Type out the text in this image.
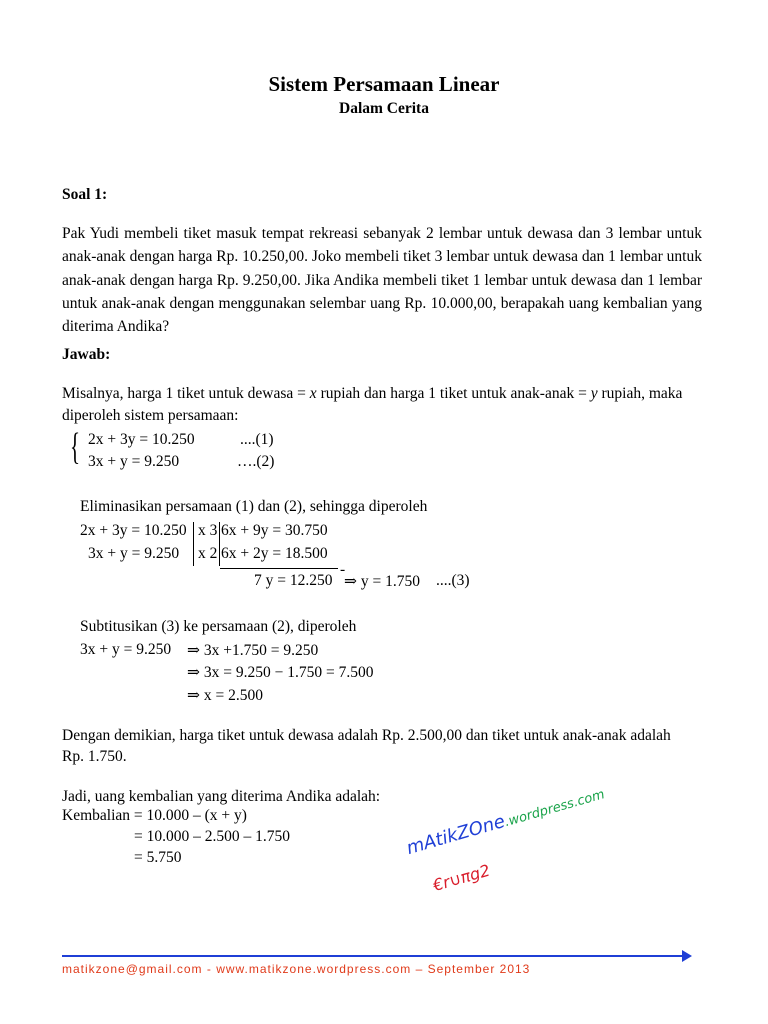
Sistem Persamaan Linear
Dalam Cerita
Soal 1:
Pak Yudi membeli tiket masuk tempat rekreasi sebanyak 2 lembar untuk dewasa dan 3 lembar untuk anak-anak dengan harga Rp. 10.250,00. Joko membeli tiket 3 lembar untuk dewasa dan 1 lembar untuk anak-anak dengan harga Rp. 9.250,00. Jika Andika membeli tiket 1 lembar untuk dewasa dan 1 lembar untuk anak-anak dengan menggunakan selembar uang Rp. 10.000,00, berapakah uang kembalian yang diterima Andika?
Jawab:
Misalnya, harga 1 tiket untuk dewasa = x rupiah dan harga 1 tiket untuk anak-anak = y rupiah, maka
diperoleh sistem persamaan:
{ 2x + 3y = 10.250	....(1)
3x + y = 9.250	….(2)
Eliminasikan persamaan (1) dan (2), sehingga diperoleh
2x + 3y = 10.250
3x + y = 9.250
x 3
x 2
6x + 9y = 30.750
6x + 2y = 18.500
-
7 y = 12.250 ⇒ y = 1.750 ....(3)
Subtitusikan (3) ke persamaan (2), diperoleh
3x + y = 9.250 ⇒ 3x +1.750 = 9.250
⇒ 3x = 9.250 − 1.750 = 7.500
⇒ x = 2.500
Dengan demikian, harga tiket untuk dewasa adalah Rp. 2.500,00 dan tiket untuk anak-anak adalah
Rp. 1.750.
Jadi, uang kembalian yang diterima Andika adalah:
Kembalian = 10.000 – (x + y)
= 10.000 – 2.500 – 1.750
= 5.750	mAtikZOne.wordpress.com
€r∪πg2
matikzone@gmail.com - www.matikzone.wordpress.com – September 2013
